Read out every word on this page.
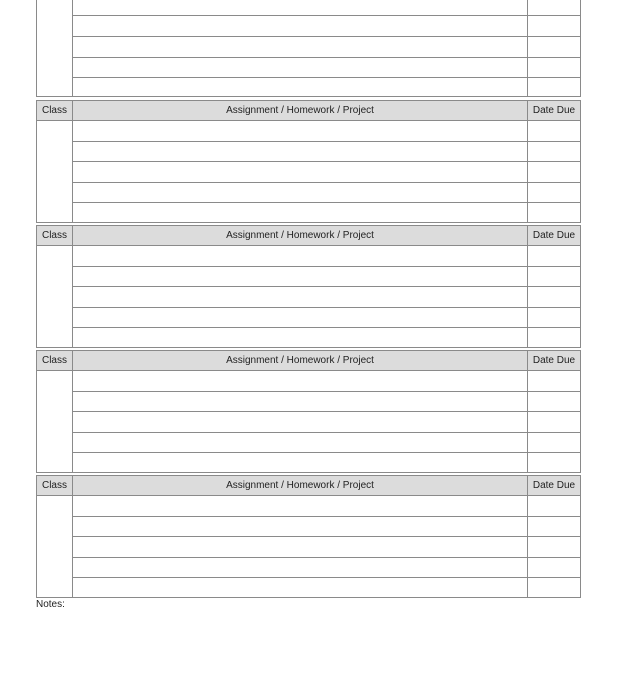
Class	Assignment / Homework / Project	Date Due
Class	Assignment / Homework / Project	Date Due
Class	Assignment / Homework / Project	Date Due
Class	Assignment / Homework / Project	Date Due
Notes:
